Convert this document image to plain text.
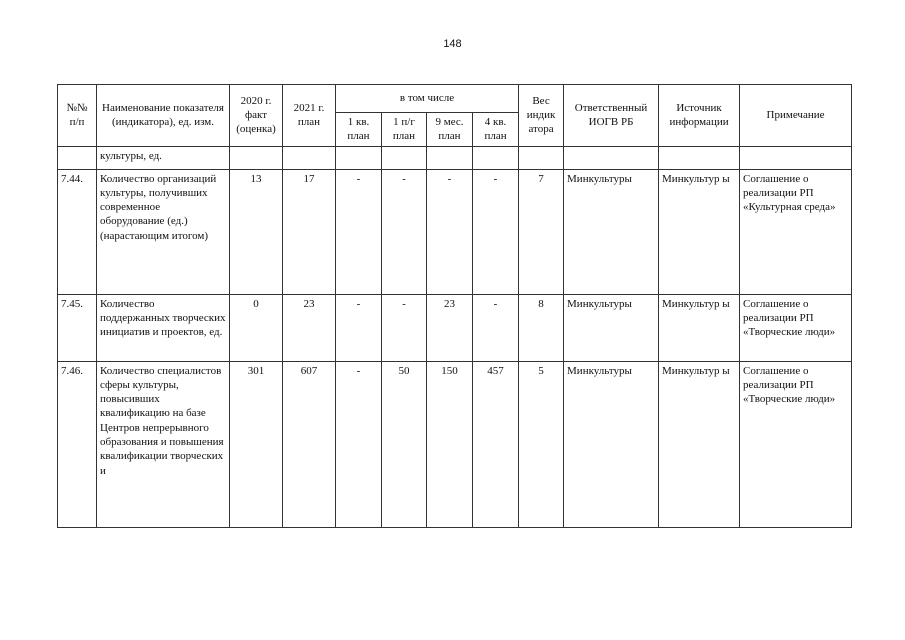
148
№№ п/п	Наименование показателя (индикатора), ед. изм.	2020 г. факт (оценка)	2021 г. план	в том числе				Вес индик атора	Ответственный ИОГВ РБ	Источник информации	Примечание
				1 кв. план	1 п/г план	9 мес. план	4 кв. план				
	культуры, ед.										
7.44.	Количество организаций культуры, получивших современное оборудование (ед.) (нарастающим итогом)	13	17	-	-	-	-	7	Минкультуры	Минкультур ы	Соглашение о реализации РП «Культурная среда»
7.45.	Количество поддержанных творческих инициатив и проектов, ед.	0	23	-	-	23	-	8	Минкультуры	Минкультур ы	Соглашение о реализации РП «Творческие люди»
7.46.	Количество специалистов сферы культуры, повысивших квалификацию на базе Центров непрерывного образования и повышения квалификации творческих и	301	607	-	50	150	457	5	Минкультуры	Минкультур ы	Соглашение о реализации РП «Творческие люди»
